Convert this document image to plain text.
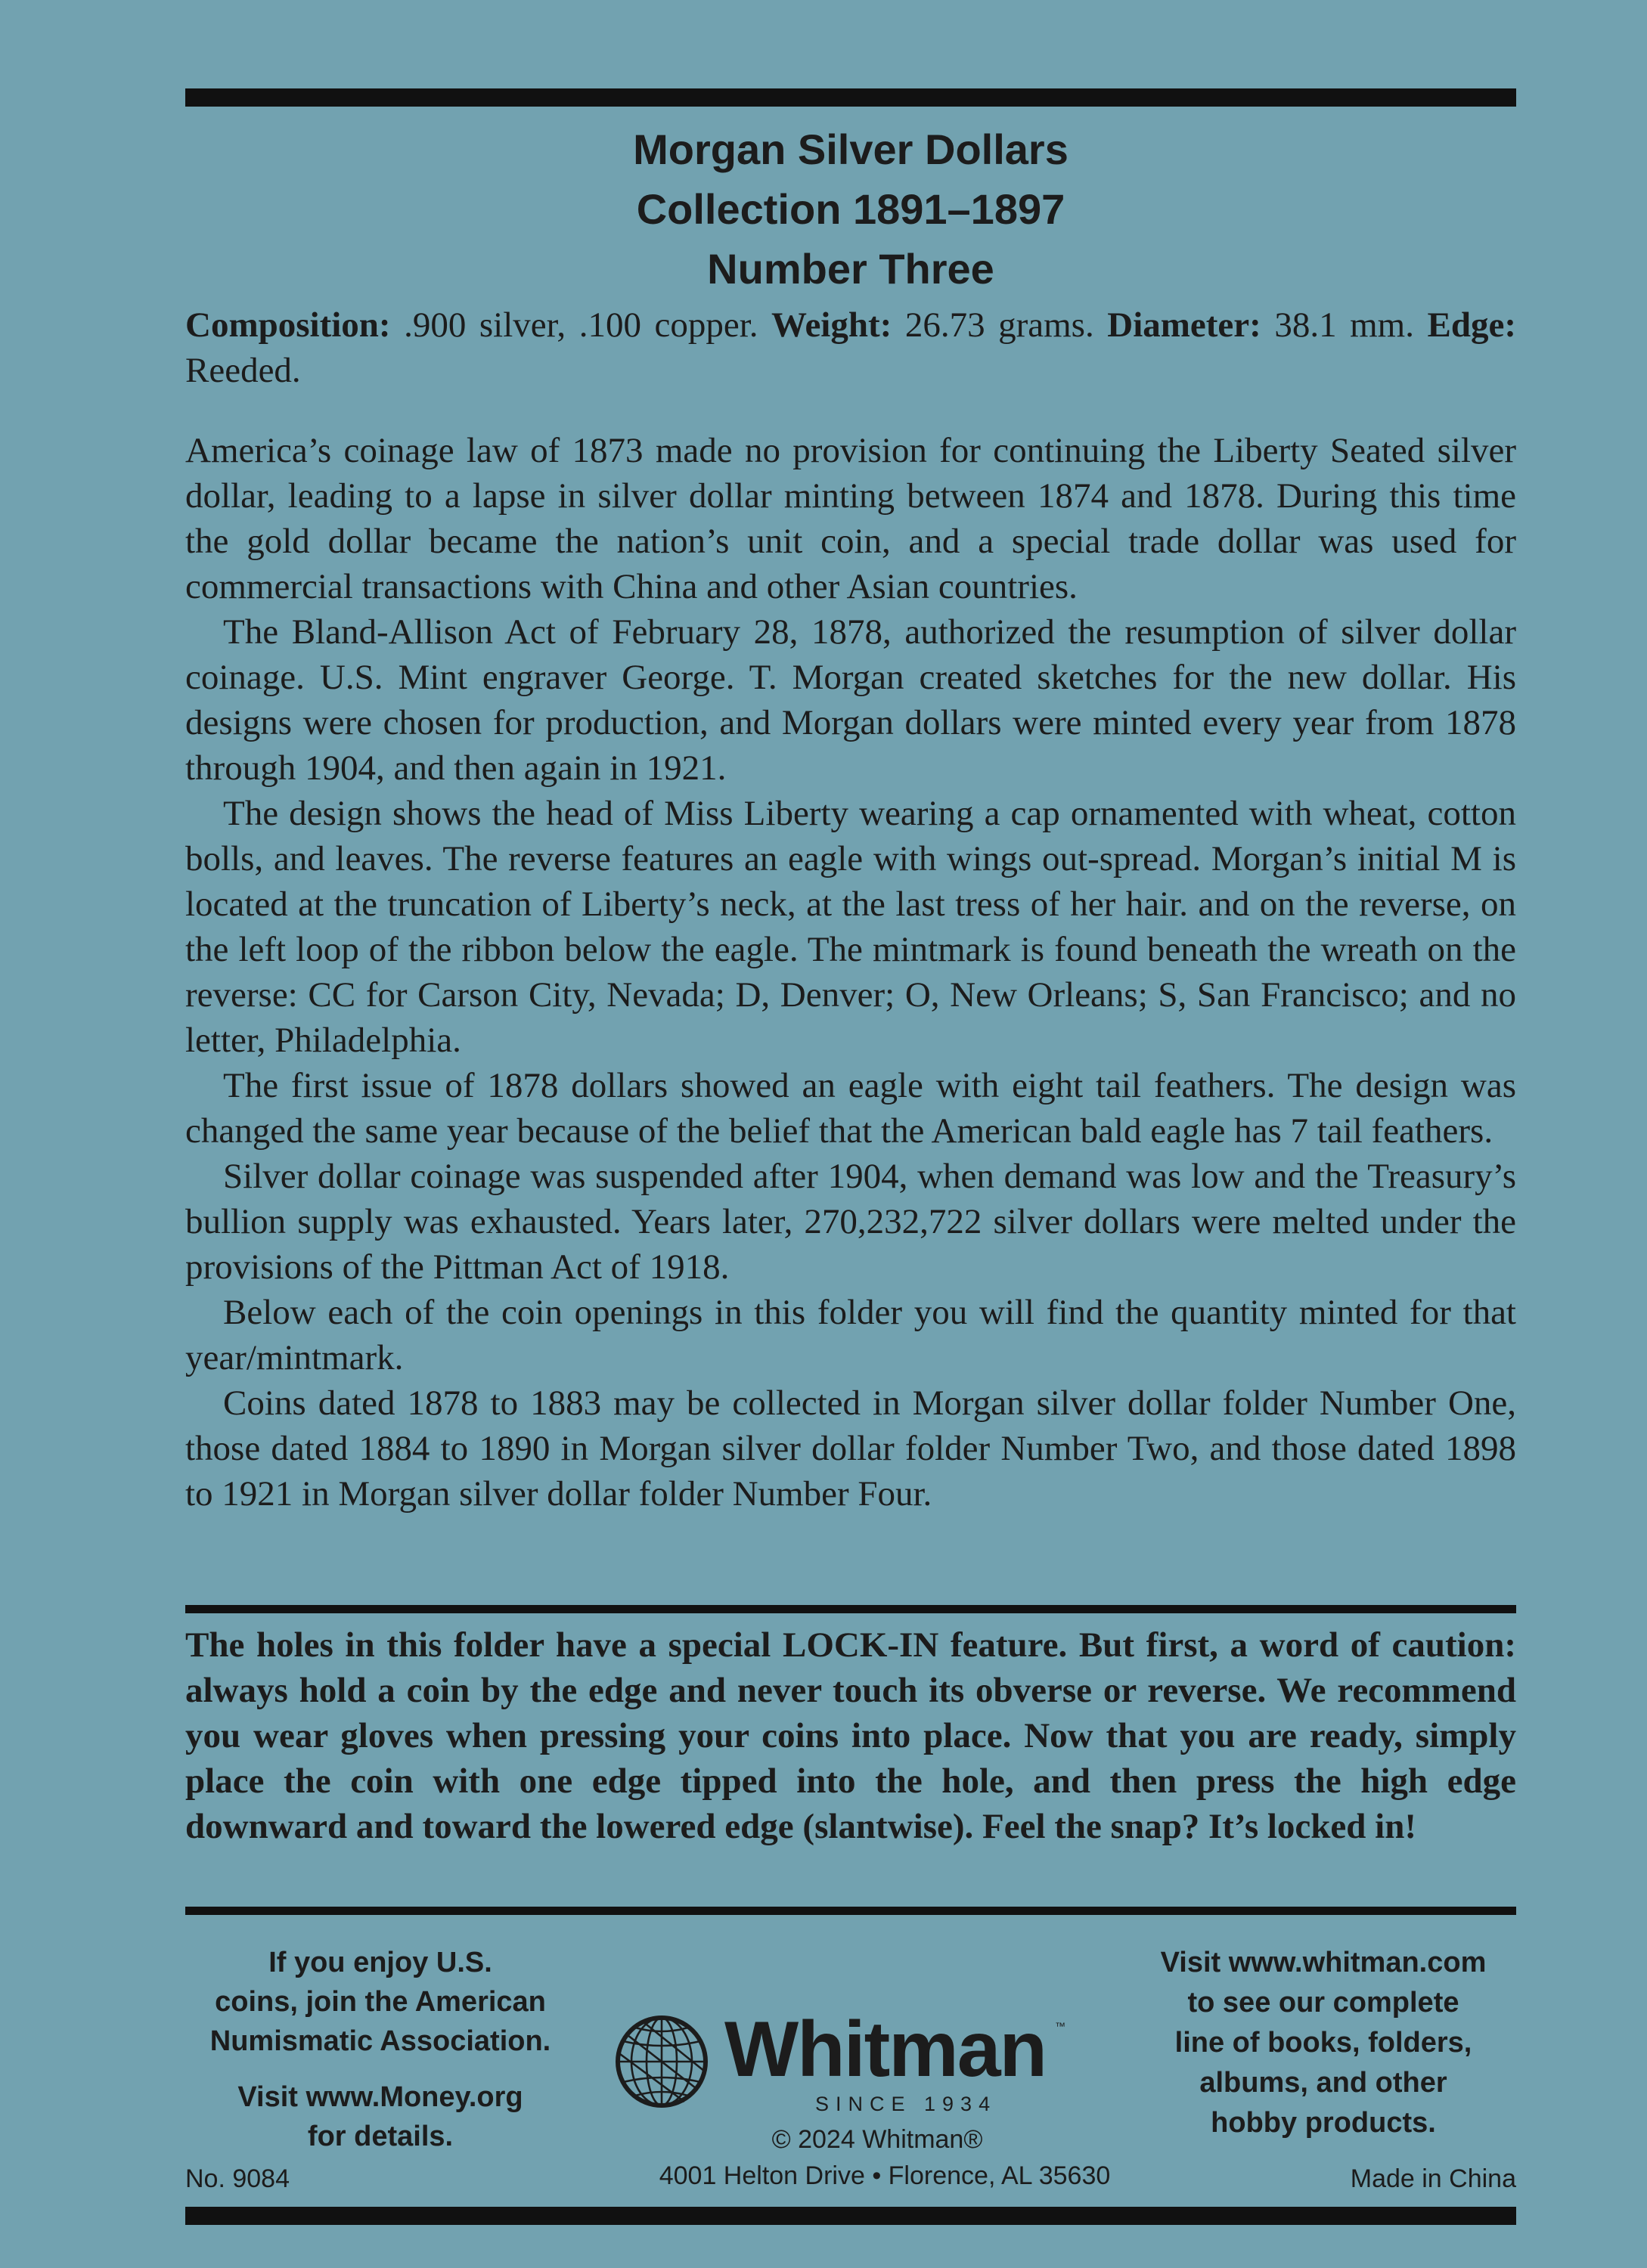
Morgan Silver Dollars
Collection 1891–1897
Number Three
Composition: .900 silver, .100 copper. Weight: 26.73 grams. Diameter: 38.1 mm. Edge: Reeded.

America’s coinage law of 1873 made no provision for continuing the Liberty Seated silver dollar, leading to a lapse in silver dollar minting between 1874 and 1878. During this time the gold dollar became the nation’s unit coin, and a special trade dollar was used for commercial transactions with China and other Asian countries.

The Bland-Allison Act of February 28, 1878, authorized the resumption of silver dollar coinage. U.S. Mint engraver George. T. Morgan created sketches for the new dollar. His designs were chosen for production, and Morgan dollars were minted every year from 1878 through 1904, and then again in 1921.

The design shows the head of Miss Liberty wearing a cap ornamented with wheat, cotton bolls, and leaves. The reverse features an eagle with wings out-spread. Morgan’s initial M is located at the truncation of Liberty’s neck, at the last tress of her hair. and on the reverse, on the left loop of the ribbon below the eagle. The mintmark is found beneath the wreath on the reverse: CC for Carson City, Nevada; D, Denver; O, New Orleans; S, San Francisco; and no letter, Philadelphia.

The first issue of 1878 dollars showed an eagle with eight tail feathers. The design was changed the same year because of the belief that the American bald eagle has 7 tail feathers.

Silver dollar coinage was suspended after 1904, when demand was low and the Treasury’s bullion supply was exhausted. Years later, 270,232,722 silver dollars were melted under the provisions of the Pittman Act of 1918.

Below each of the coin openings in this folder you will find the quantity minted for that year/mintmark.

Coins dated 1878 to 1883 may be collected in Morgan silver dollar folder Number One, those dated 1884 to 1890 in Morgan silver dollar folder Number Two, and those dated 1898 to 1921 in Morgan silver dollar folder Number Four.

The holes in this folder have a special LOCK-IN feature. But first, a word of caution: always hold a coin by the edge and never touch its obverse or reverse. We recommend you wear gloves when pressing your coins into place. Now that you are ready, simply place the coin with one edge tipped into the hole, and then press the high edge downward and toward the lowered edge (slantwise). Feel the snap? It’s locked in!
If you enjoy U.S.
coins, join the American
Numismatic Association.
Visit www.Money.org
for details.
Whitman ™
SINCE 1934
© 2024 Whitman®
4001 Helton Drive • Florence, AL 35630
Visit www.whitman.com
to see our complete
line of books, folders,
albums, and other
hobby products.
No. 9084	Made in China
